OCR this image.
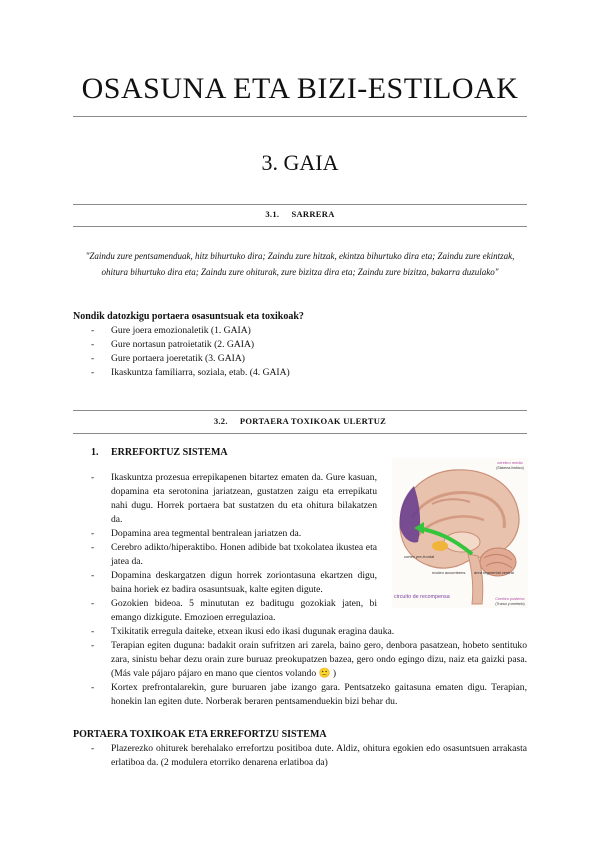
OSASUNA ETA BIZI-ESTILOAK
3. GAIA
3.1. SARRERA
"Zaindu zure pentsamenduak, hitz bihurtuko dira; Zaindu zure hitzak, ekintza bihurtuko dira eta; Zaindu zure ekintzak, ohitura bihurtuko dira eta; Zaindu zure ohiturak, zure bizitza dira eta; Zaindu zure bizitza, bakarra duzulako"
Nondik datozkigu portaera osasuntsuak eta toxikoak?
- Gure joera emozionaletik (1. GAIA)
- Gure nortasun patroietatik (2. GAIA)
- Gure portaera joeretatik (3. GAIA)
- Ikaskuntza familiarra, soziala, etab. (4. GAIA)
3.2. PORTAERA TOXIKOAK ULERTUZ
1. ERREFORTUZ SISTEMA
- Ikaskuntza prozesua errepikapenen bitartez ematen da. Gure kasuan, dopamina eta serotonina jariatzean, gustatzen zaigu eta errepikatu nahi dugu. Horrek portaera bat sustatzen du eta ohitura bilakatzen da.
- Dopamina area tegmental bentralean jariatzen da.
- Cerebro adikto/hiperaktibo. Honen adibide bat txokolatea ikustea eta jatea da.
- Dopamina deskargatzen digun horrek zoriontasuna ekartzen digu, baina horiek ez badira osasuntsuak, kalte egiten digute.
- Gozokien bideoa. 5 minututan ez baditugu gozokiak jaten, bi emango dizkigute. Emozioen erregulazioa.
- Txikitatik erregula daiteke, etxean ikusi edo ikasi dugunak eragina dauka.
- Terapian egiten duguna: badakit orain sufritzen ari zarela, baino gero, denbora pasatzean, hobeto sentituko zara, sinistu behar dezu orain zure buruaz preokupatzen bazea, gero ondo egingo dizu, naiz eta gaizki pasa. (Más vale pájaro pájaro en mano que cientos volando 🙂 )
- Kortex prefrontalarekin, gure buruaren jabe izango gara. Pentsatzeko gaitasuna ematen digu. Terapian, honekin lan egiten dute. Norberak beraren pentsamenduekin bizi behar du.
cerebro medio
(Sistema limbico)
cortex pre-frontal
núcleo accumbens área tegmental ventral
circuito de recompensa	Cerebro posterior
(Tronco y cerebelo)
PORTAERA TOXIKOAK ETA ERREFORTZU SISTEMA
- Plazerezko ohiturek berehalako errefortzu positiboa dute. Aldiz, ohitura egokien edo osasuntsuen arrakasta erlatiboa da. (2 modulera etorriko denarena erlatiboa da)
